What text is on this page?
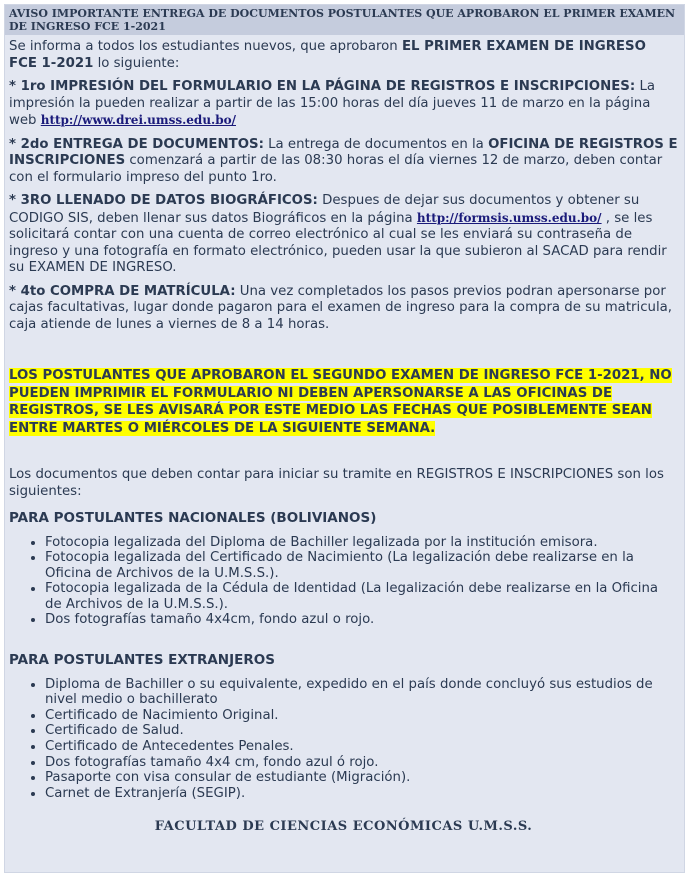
AVISO IMPORTANTE ENTREGA DE DOCUMENTOS POSTULANTES QUE APROBARON EL PRIMER EXAMEN DE INGRESO FCE 1-2021

Se informa a todos los estudiantes nuevos, que aprobaron EL PRIMER EXAMEN DE INGRESO FCE 1-2021 lo siguiente:

* 1ro IMPRESIÓN DEL FORMULARIO EN LA PÁGINA DE REGISTROS E INSCRIPCIONES: La impresión la pueden realizar a partir de las 15:00 horas del día jueves 11 de marzo en la página web http://www.drei.umss.edu.bo/

* 2do ENTREGA DE DOCUMENTOS: La entrega de documentos en la OFICINA DE REGISTROS E INSCRIPCIONES comenzará a partir de las 08:30 horas el día viernes 12 de marzo, deben contar con el formulario impreso del punto 1ro.

* 3RO LLENADO DE DATOS BIOGRÁFICOS: Despues de dejar sus documentos y obtener su CODIGO SIS, deben llenar sus datos Biográficos en la página http://formsis.umss.edu.bo/ , se les solicitará contar con una cuenta de correo electrónico al cual se les enviará su contraseña de ingreso y una fotografía en formato electrónico, pueden usar la que subieron al SACAD para rendir su EXAMEN DE INGRESO.

* 4to COMPRA DE MATRÍCULA: Una vez completados los pasos previos podran apersonarse por cajas facultativas, lugar donde pagaron para el examen de ingreso para la compra de su matricula, caja atiende de lunes a viernes de 8 a 14 horas.

LOS POSTULANTES QUE APROBARON EL SEGUNDO EXAMEN DE INGRESO FCE 1-2021, NO PUEDEN IMPRIMIR EL FORMULARIO NI DEBEN APERSONARSE A LAS OFICINAS DE REGISTROS, SE LES AVISARÁ POR ESTE MEDIO LAS FECHAS QUE POSIBLEMENTE SEAN ENTRE MARTES O MIÉRCOLES DE LA SIGUIENTE SEMANA.

Los documentos que deben contar para iniciar su tramite en REGISTROS E INSCRIPCIONES son los siguientes:

PARA POSTULANTES NACIONALES (BOLIVIANOS)
• Fotocopia legalizada del Diploma de Bachiller legalizada por la institución emisora.
• Fotocopia legalizada del Certificado de Nacimiento (La legalización debe realizarse en la Oficina de Archivos de la U.M.S.S.).
• Fotocopia legalizada de la Cédula de Identidad (La legalización debe realizarse en la Oficina de Archivos de la U.M.S.S.).
• Dos fotografías tamaño 4x4cm, fondo azul o rojo.
PARA POSTULANTES EXTRANJEROS
• Diploma de Bachiller o su equivalente, expedido en el país donde concluyó sus estudios de nivel medio o bachillerato
• Certificado de Nacimiento Original.
• Certificado de Salud.
• Certificado de Antecedentes Penales.
• Dos fotografías tamaño 4x4 cm, fondo azul ó rojo.
• Pasaporte con visa consular de estudiante (Migración).
• Carnet de Extranjería (SEGIP).
FACULTAD DE CIENCIAS ECONÓMICAS U.M.S.S.
